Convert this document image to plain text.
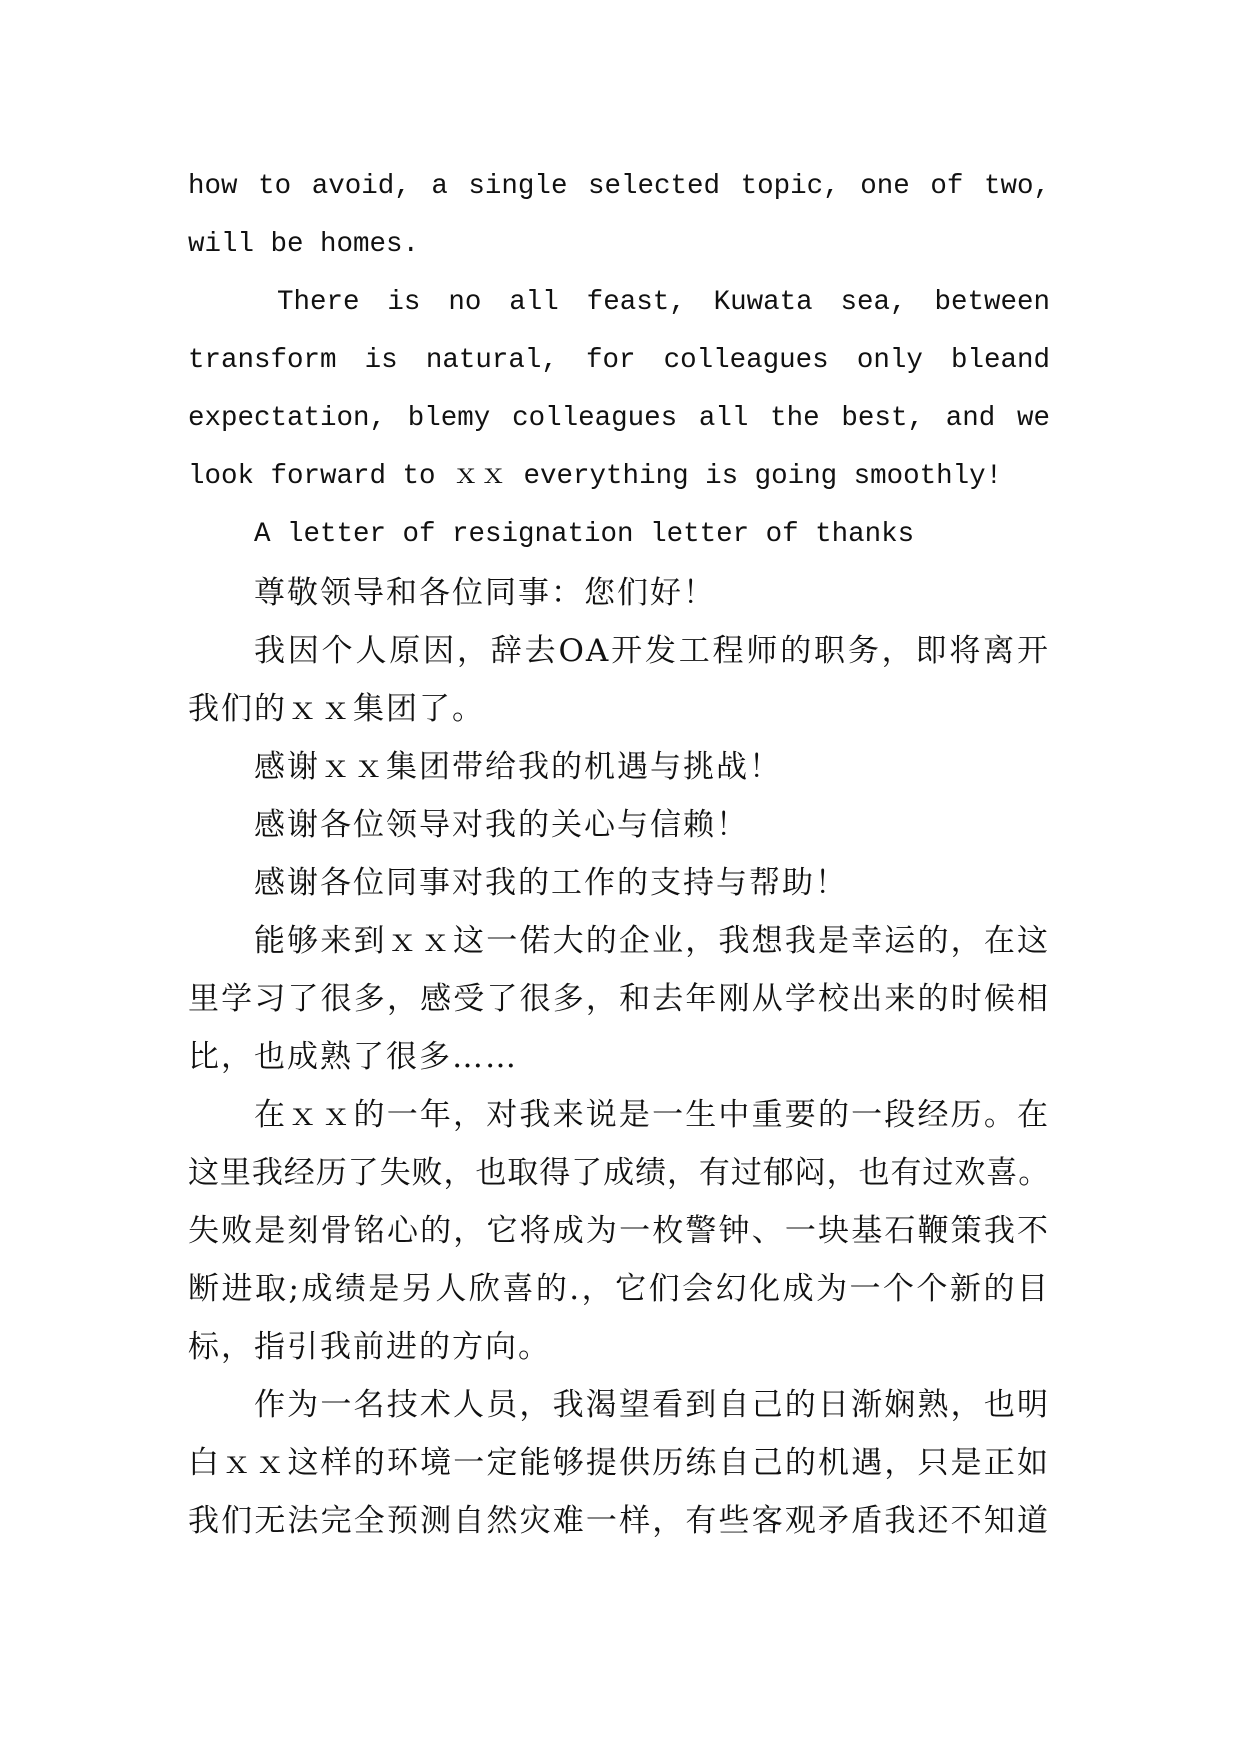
how to avoid, a single selected topic, one of two,
will be homes.
There is no all feast, Kuwata sea, between
transform is natural, for colleagues only bleand
expectation, blemy colleagues all the best, and we
look forward to ｘｘ everything is going smoothly!
A letter of resignation letter of thanks
尊敬领导和各位同事：您们好！
我因个人原因，辞去OA开发工程师的职务，即将离开
我们的ｘｘ集团了。
感谢ｘｘ集团带给我的机遇与挑战！
感谢各位领导对我的关心与信赖！
感谢各位同事对我的工作的支持与帮助！
能够来到ｘｘ这一偌大的企业，我想我是幸运的，在这
里学习了很多，感受了很多，和去年刚从学校出来的时候相
比，也成熟了很多……
在ｘｘ的一年，对我来说是一生中重要的一段经历。在
这里我经历了失败，也取得了成绩，有过郁闷，也有过欢喜。
失败是刻骨铭心的，它将成为一枚警钟、一块基石鞭策我不
断进取;成绩是另人欣喜的.，它们会幻化成为一个个新的目
标，指引我前进的方向。
作为一名技术人员，我渴望看到自己的日渐娴熟，也明
白ｘｘ这样的环境一定能够提供历练自己的机遇，只是正如
我们无法完全预测自然灾难一样，有些客观矛盾我还不知道
